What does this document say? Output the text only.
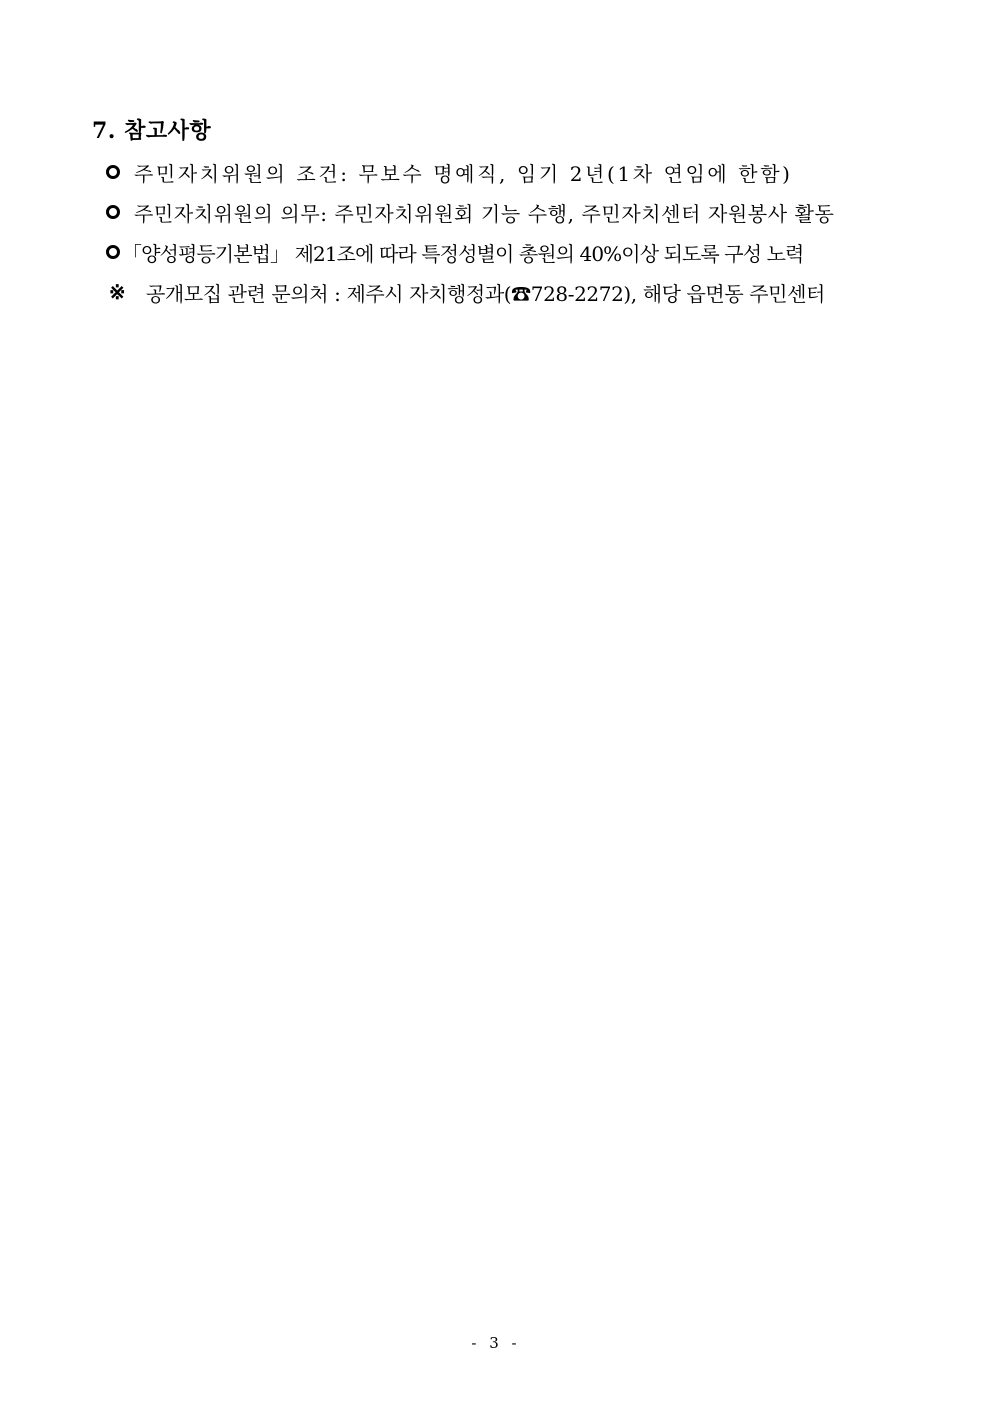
7. 참고사항
주민자치위원의 조건: 무보수 명예직, 임기 2년(1차 연임에 한함)
주민자치위원의 의무: 주민자치위원회 기능 수행, 주민자치센터 자원봉사 활동
「양성평등기본법」 제21조에 따라 특정성별이 총원의 40%이상 되도록 구성 노력
※ 공개모집 관련 문의처 : 제주시 자치행정과(☎728-2272), 해당 읍면동 주민센터
- 3 -
